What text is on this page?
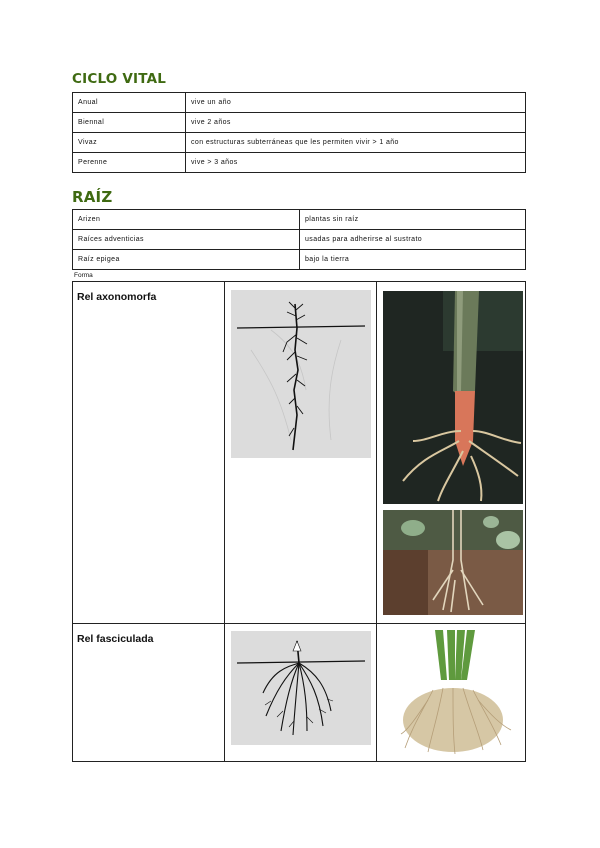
CICLO VITAL
Anual	vive un año
Biennal	vive 2 años
Vivaz	con estructuras subterráneas que les permiten vivir > 1 año
Perenne	vive > 3 años
RAÍZ
Arizen	plantas sin raíz
Raíces adventicias	usadas para adherirse al sustrato
Raíz epigea	bajo la tierra
Forma
Rel axonomorfa
Rel fasciculada
